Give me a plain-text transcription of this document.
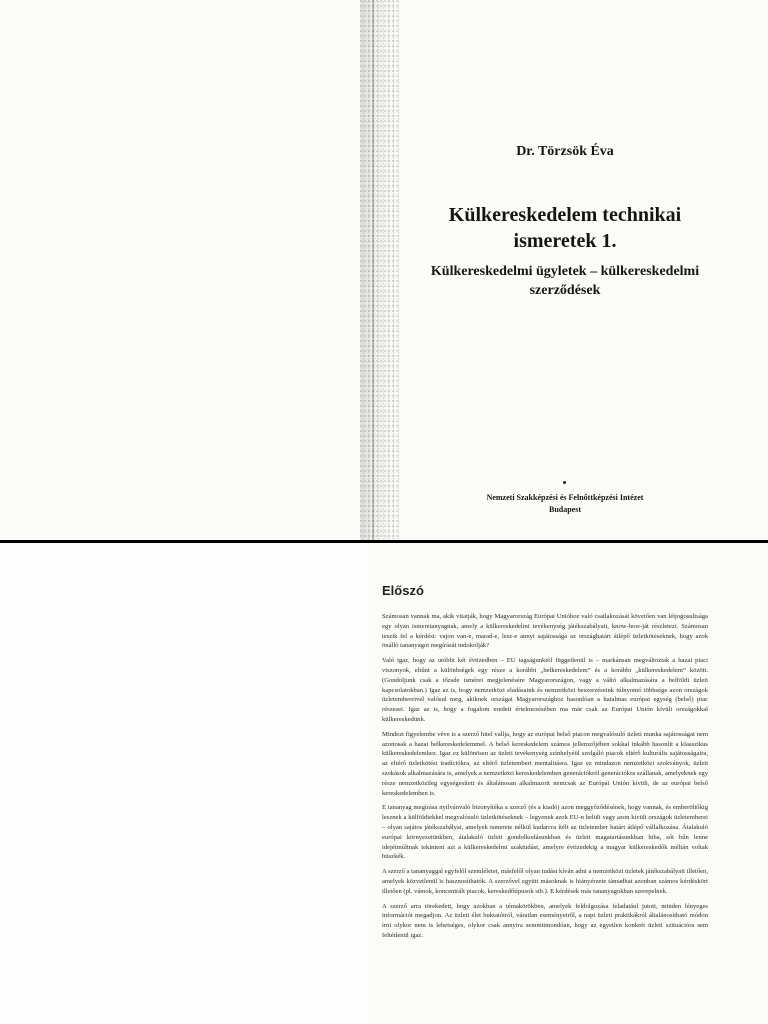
Dr. Törzsök Éva
Külkereskedelem technikai
ismeretek 1.
Külkereskedelmi ügyletek – külkereskedelmi
szerződések
Nemzeti Szakképzési és Felnőttképzési Intézet
Budapest
Előszó

Számosan vannak ma, akik vitatják, hogy Magyarország Európai Unióhoz való csatlakozását követően van létjogosultsága egy olyan ismeretanyagnak, amely a külkereskedelmi tevékenység játékszabályait, know-how-ját részletezi. Számosan teszik fel a kérdést: vajon van-e, marad-e, lesz-e annyi sajátossága az országhatárt átlépő üzletkötéseknek, hogy azok önálló tananyagot megírását indokolják?

Való igaz, hogy az utóbbi két évtizedben – EU tagságunktól függetlenül is – markánsan megváltoztak a hazai piaci viszonyok, eltűnt a különbségek egy része a korábbi „belkereskedelem” és a korábbi „külkereskedelem” között. (Gondoljunk csak a tőzsde ismérei megjelenésére Magyarországon, vagy a váltó alkalmazására a belföldi üzleti kapcsolatokban.) Igaz az is, hogy nemzetközi eladásaink és nemzetközi beszerzéseink túlnyomó többsége azon országok üzletembereivel valósul meg, akiknek országai Magyarországhoz hasonlóan a hatalmas európai egység (belső) piac részesei. Igaz az is, hogy a fogalom eredeti értelmezésében ma már csak az Európai Unión kívüli országokkal külkereskedünk.

Mindezt figyelembe véve is a szerző hitel vallja, hogy az európai belső piacon megvalósuló üzleti munka sajátosságai nem azonosak a hazai belkereskedelemmel. A belső kereskedelem számos jellemzőjében sokkal inkább hasonlít a klasszikus külkereskedelemhez. Igaz ez különösen az üzleti tevékenység színhelyéül szolgáló piacok eltérő kulturális sajátosságaira, az eltérő üzletkötési tradíciókra, az eltérő üzletembert mentalitásra. Igaz ez mindazon nemzetközi szokványok, üzleti szokások alkalmazására is, amelyek a nemzetközi kereskedelemben generációkról generációkra szállanak, amelyeknek egy része nemzetközileg egységesített és általánosan alkalmazott nemcsak az Európai Unión kívüli, de az európai belső kereskedelemben is.

E tananyag megírása nyilvánvaló bizonyítéka a szerző (és a kiadó) azon meggyőződésének, hogy vannak, és emberöltőkig lesznek a külföldiekkel megvalósuló üzletkötéseknek – legyenek azok EU-n belüli vagy azon kívüli országok üzletemberei – olyan sajátos játékszabályai, amelyek ismerete nélkül kudarcra ítélt az üzletember határt átlépő vállalkozása. Átalakuló európai környezetünkben, átalakuló üzleti gondolkodásunkban és üzleti magatartásunkban hiba, sőt bűn lenne idejétmúltnak tekinteni azt a külkereskedelmi szaktudást, amelyre évtizedekig a magyar külkereskedők méltán voltak büszkék.

A szerző a tananyaggal egyfelől szemléletet, másfelől olyan tudást kíván adni a nemzetközi üzletek játékszabályait illetően, amelyek közvetlenül is hasznosíthatók. A szerzővel együtt másoknak is hiányérzete támadhat azonban számos kérdéskört illetően (pl. vámok, koncentrált piacok, kereskedőtípusok stb.). E kérdések más tananyagokban szerepelnek.

A szerző arra törekedett, hogy azokban a témakörökben, amelyek feldolgozása feladatául jutott, minden lényeges információt megadjon. Az üzleti élet buktatóiról, váratlan eseményeiről, a napi üzleti praktikákról általánosítható módon írni olykor nem is lehetséges, olykor csak annyira semmitmondóan, hogy az egyetlen konkrét üzleti szituációra sem feltétlenül igaz.
